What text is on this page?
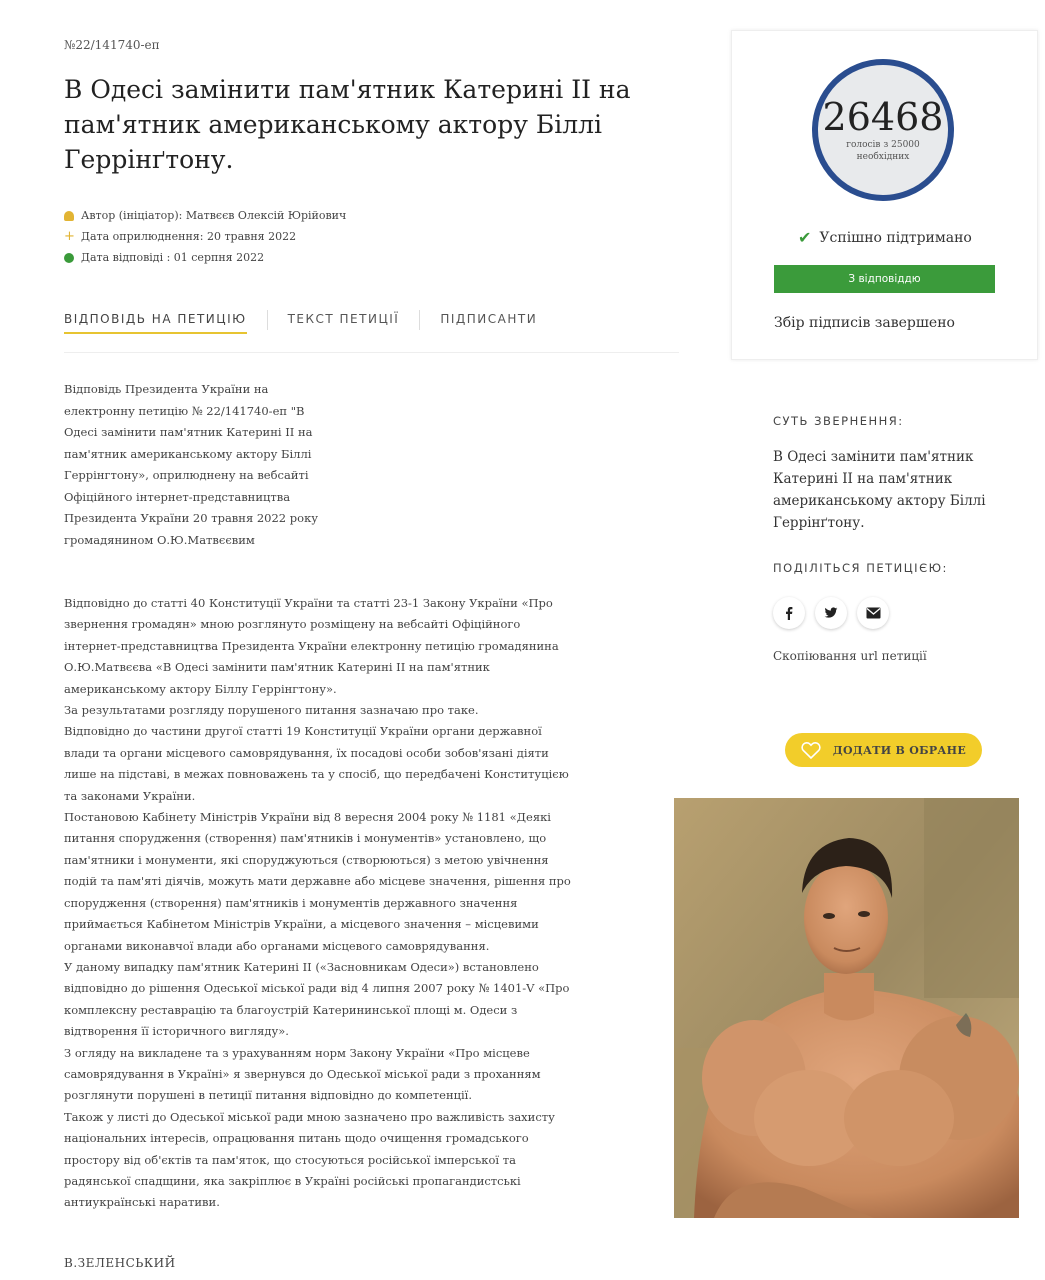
№22/141740-еп
В Одесі замінити пам'ятник Катерині II на пам'ятник американському актору Біллі Геррінґтону.
Автор (ініціатор): Матвєєв Олексій Юрійович
+ Дата оприлюднення: 20 травня 2022
Дата відповіді : 01 серпня 2022
ВІДПОВІДЬ НА ПЕТИЦІЮ	ТЕКСТ ПЕТИЦІЇ	ПІДПИСАНТИ
Відповідь Президента України на електронну петицію № 22/141740-еп "В Одесі замінити пам'ятник Катерині ІІ на пам'ятник американському актору Біллі Геррінгтону», оприлюднену на вебсайті Офіційного інтернет-представництва Президента України 20 травня 2022 року громадянином О.Ю.Матвєєвим

Відповідно до статті 40 Конституції України та статті 23-1 Закону України «Про звернення громадян» мною розглянуто розміщену на вебсайті Офіційного інтернет-представництва Президента України електронну петицію громадянина О.Ю.Матвєєва «В Одесі замінити пам'ятник Катерині II на пам'ятник американському актору Біллу Геррінгтону».

За результатами розгляду порушеного питання зазначаю про таке.

Відповідно до частини другої статті 19 Конституції України органи державної влади та органи місцевого самоврядування, їх посадові особи зобов'язані діяти лише на підставі, в межах повноважень та у спосіб, що передбачені Конституцією та законами України.

Постановою Кабінету Міністрів України від 8 вересня 2004 року № 1181 «Деякі питання спорудження (створення) пам'ятників і монументів» установлено, що пам'ятники і монументи, які споруджуються (створюються) з метою увічнення подій та пам'яті діячів, можуть мати державне або місцеве значення, рішення про спорудження (створення) пам'ятників і монументів державного значення приймається Кабінетом Міністрів України, а місцевого значення – місцевими органами виконавчої влади або органами місцевого самоврядування.

У даному випадку пам'ятник Катерині II («Засновникам Одеси») встановлено відповідно до рішення Одеської міської ради від 4 липня 2007 року № 1401-V «Про комплексну реставрацію та благоустрій Катерининської площі м. Одеси з відтворення її історичного вигляду».

З огляду на викладене та з урахуванням норм Закону України «Про місцеве самоврядування в Україні» я звернувся до Одеської міської ради з проханням розглянути порушені в петиції питання відповідно до компетенції.

Також у листі до Одеської міської ради мною зазначено про важливість захисту національних інтересів, опрацювання питань щодо очищення громадського простору від об'єктів та пам'яток, що стосуються російської імперської та радянської спадщини, яка закріплює в Україні російські пропагандистські антиукраїнські наративи.

В.ЗЕЛЕНСЬКИЙ
26468
голосів з 25000 необхідних
✔ Успішно підтримано
З відповіддю
Збір підписів завершено
СУТЬ ЗВЕРНЕННЯ:
В Одесі замінити пам'ятник Катерині II на пам'ятник американському актору Біллі Геррінґтону.
ПОДІЛІТЬСЯ ПЕТИЦІЄЮ:
Скопіювання url петиції
ДОДАТИ В ОБРАНЕ
